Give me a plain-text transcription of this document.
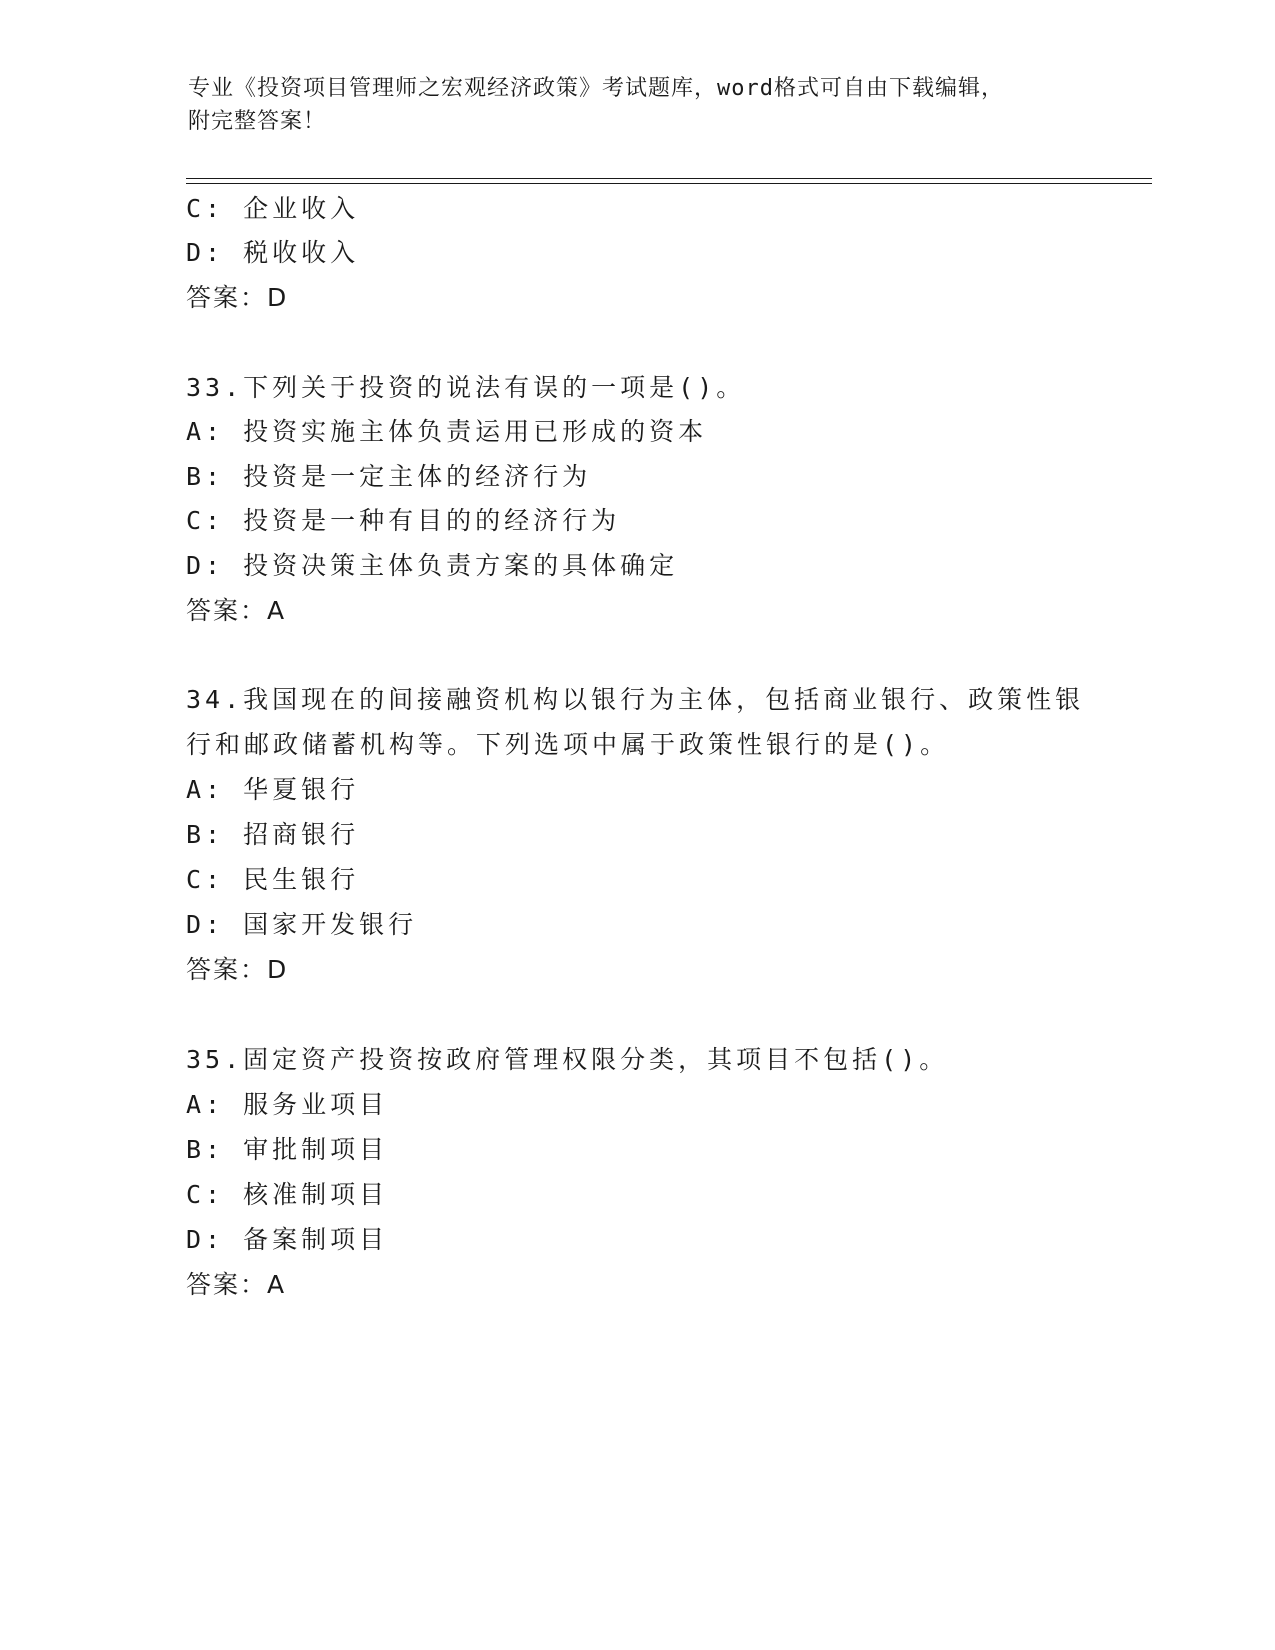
专业《投资项目管理师之宏观经济政策》考试题库，word格式可自由下载编辑，
附完整答案！
C: 企业收入
D: 税收收入
答案：D
33.下列关于投资的说法有误的一项是()。
A: 投资实施主体负责运用已形成的资本
B: 投资是一定主体的经济行为
C: 投资是一种有目的的经济行为
D: 投资决策主体负责方案的具体确定
答案：A
34.我国现在的间接融资机构以银行为主体，包括商业银行、政策性银
行和邮政储蓄机构等。下列选项中属于政策性银行的是()。
A: 华夏银行
B: 招商银行
C: 民生银行
D: 国家开发银行
答案：D
35.固定资产投资按政府管理权限分类，其项目不包括()。
A: 服务业项目
B: 审批制项目
C: 核准制项目
D: 备案制项目
答案：A
